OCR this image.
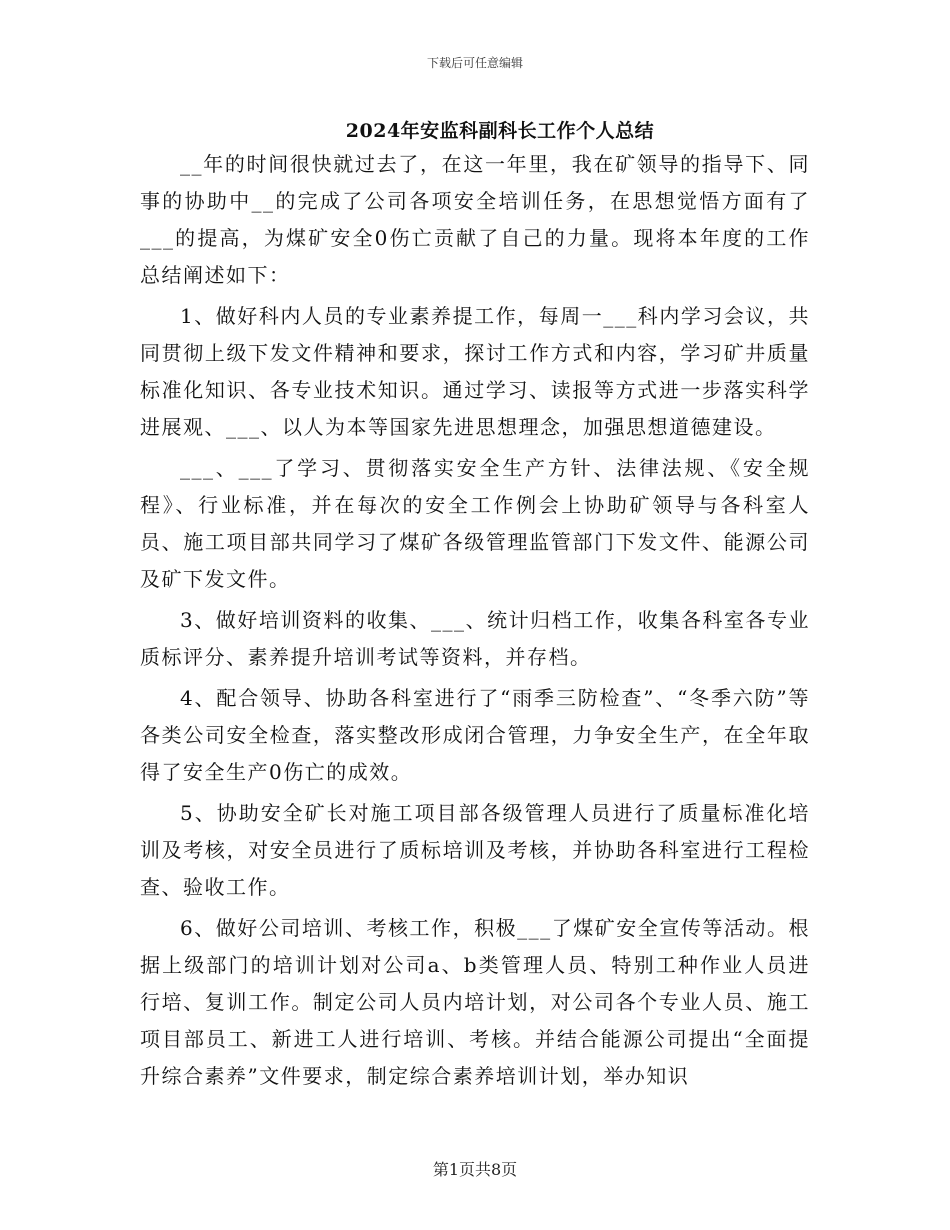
下载后可任意编辑
2024年安监科副科长工作个人总结

__年的时间很快就过去了，在这一年里，我在矿领导的指导下、同事的协助中__的完成了公司各项安全培训任务，在思想觉悟方面有了___的提高，为煤矿安全0伤亡贡献了自己的力量。现将本年度的工作总结阐述如下：

1、做好科内人员的专业素养提工作，每周一___科内学习会议，共同贯彻上级下发文件精神和要求，探讨工作方式和内容，学习矿井质量标准化知识、各专业技术知识。通过学习、读报等方式进一步落实科学进展观、___、以人为本等国家先进思想理念，加强思想道德建设。

___、___了学习、贯彻落实安全生产方针、法律法规、《安全规程》、行业标准，并在每次的安全工作例会上协助矿领导与各科室人员、施工项目部共同学习了煤矿各级管理监管部门下发文件、能源公司及矿下发文件。

3、做好培训资料的收集、___、统计归档工作，收集各科室各专业质标评分、素养提升培训考试等资料，并存档。

4、配合领导、协助各科室进行了“雨季三防检查”、“冬季六防”等各类公司安全检查，落实整改形成闭合管理，力争安全生产，在全年取得了安全生产0伤亡的成效。

5、协助安全矿长对施工项目部各级管理人员进行了质量标准化培训及考核，对安全员进行了质标培训及考核，并协助各科室进行工程检查、验收工作。

6、做好公司培训、考核工作，积极___了煤矿安全宣传等活动。根据上级部门的培训计划对公司a、b类管理人员、特别工种作业人员进行培、复训工作。制定公司人员内培计划，对公司各个专业人员、施工项目部员工、新进工人进行培训、考核。并结合能源公司提出“全面提升综合素养”文件要求，制定综合素养培训计划，举办知识

第1页共8页
